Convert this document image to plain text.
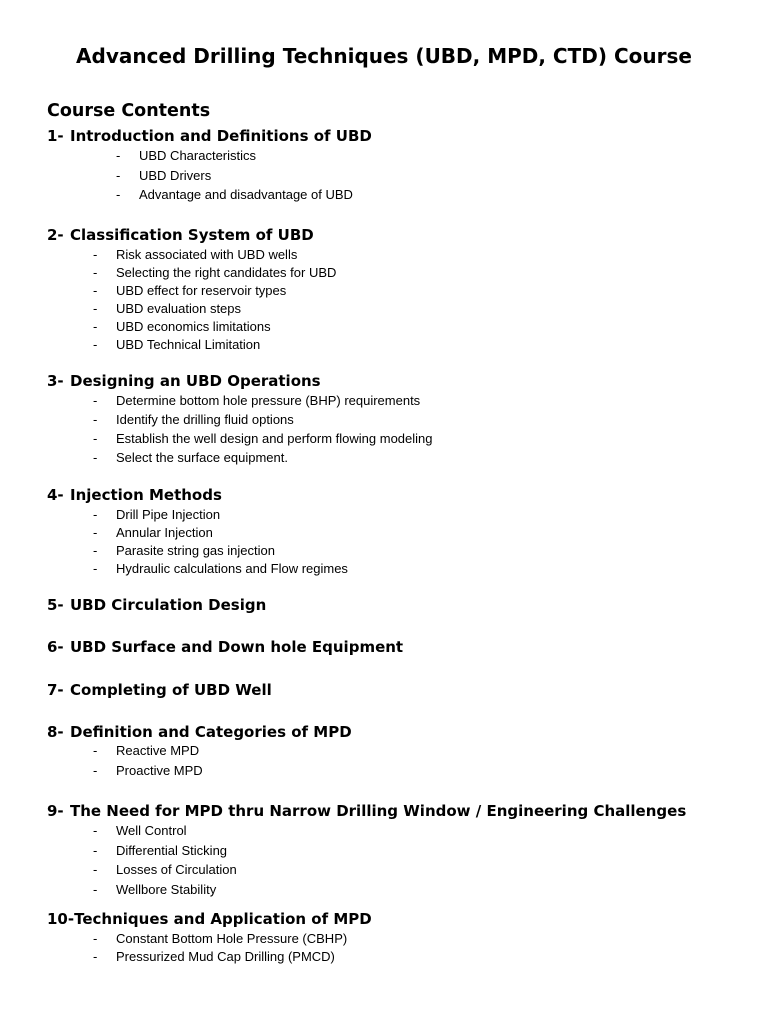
Advanced Drilling Techniques (UBD, MPD, CTD) Course
Course Contents
1- Introduction and Definitions of UBD
- UBD Characteristics
- UBD Drivers
- Advantage and disadvantage of UBD
2- Classification System of UBD
- Risk associated with UBD wells
- Selecting the right candidates for UBD
- UBD effect for reservoir types
- UBD evaluation steps
- UBD economics limitations
- UBD Technical Limitation
3- Designing an UBD Operations
- Determine bottom hole pressure (BHP) requirements
- Identify the drilling fluid options
- Establish the well design and perform flowing modeling
- Select the surface equipment.
4- Injection Methods
- Drill Pipe Injection
- Annular Injection
- Parasite string gas injection
- Hydraulic calculations and Flow regimes
5- UBD Circulation Design
6- UBD Surface and Down hole Equipment
7- Completing of UBD Well
8- Definition and Categories of MPD
- Reactive MPD
- Proactive MPD
9- The Need for MPD thru Narrow Drilling Window / Engineering Challenges
- Well Control
- Differential Sticking
- Losses of Circulation
- Wellbore Stability
10-Techniques and Application of MPD
- Constant Bottom Hole Pressure (CBHP)
- Pressurized Mud Cap Drilling (PMCD)
